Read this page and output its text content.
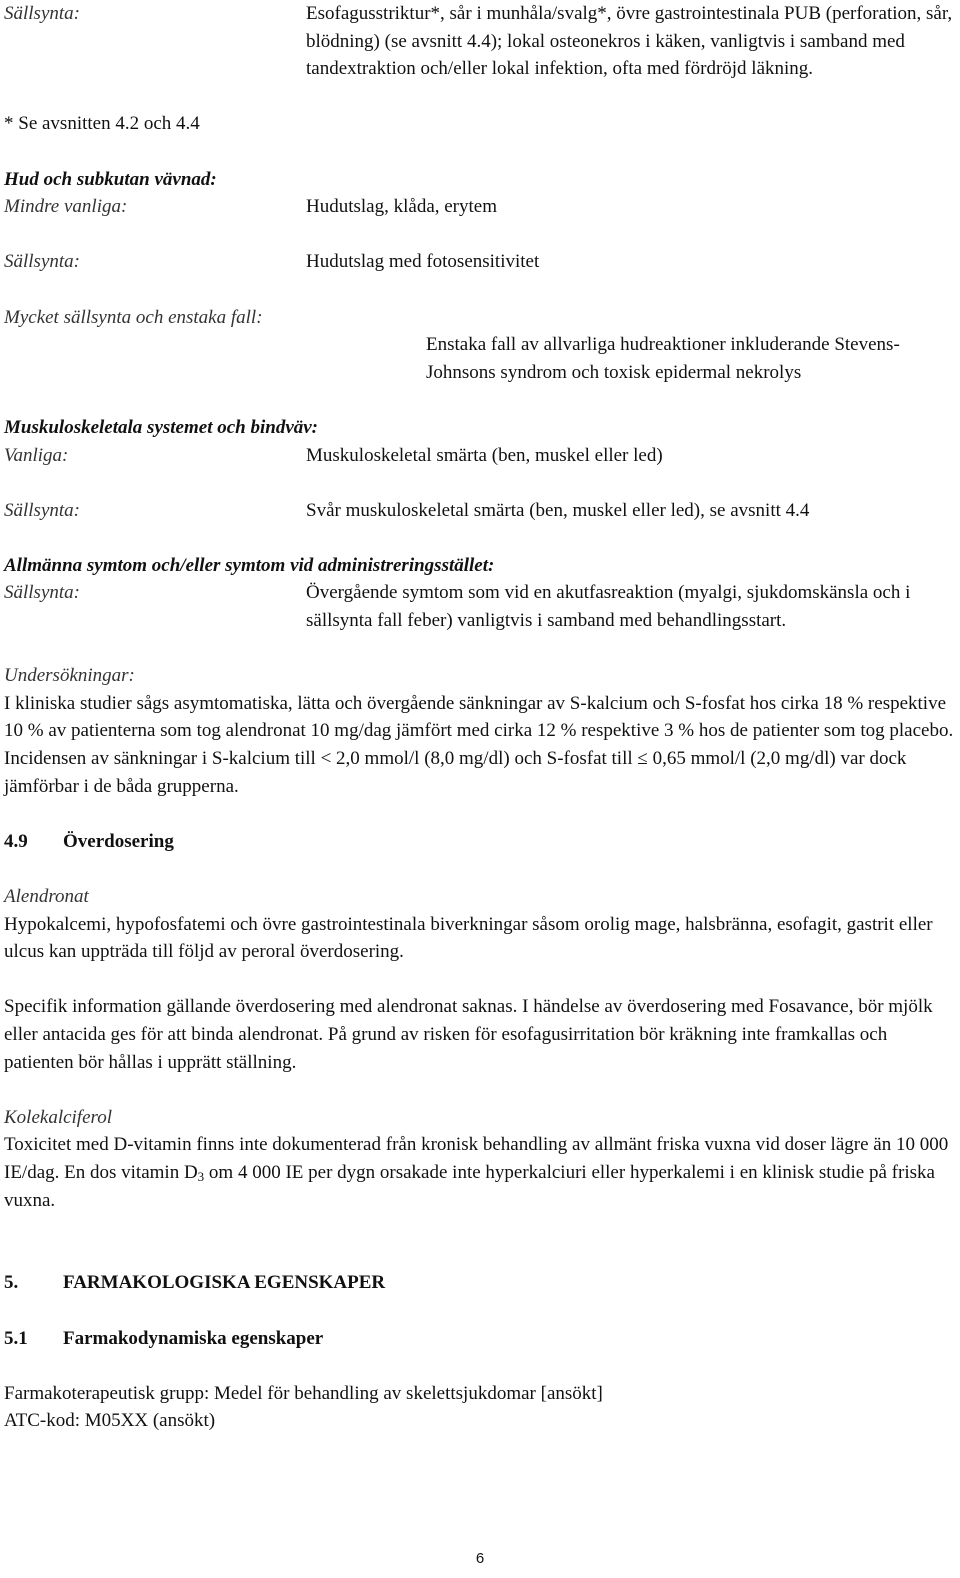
Sällsynta:	Esofagusstriktur*, sår i munhåla/svalg*, övre gastrointestinala PUB (perforation, sår, blödning) (se avsnitt 4.4); lokal osteonekros i käken, vanligtvis i samband med tandextraktion och/eller lokal infektion, ofta med fördröjd läkning.
* Se avsnitten 4.2 och 4.4
Hud och subkutan vävnad:
Mindre vanliga:	Hudutslag, klåda, erytem
Sällsynta:	Hudutslag med fotosensitivitet
Mycket sällsynta och enstaka fall:
Enstaka fall av allvarliga hudreaktioner inkluderande Stevens-Johnsons syndrom och toxisk epidermal nekrolys
Muskuloskeletala systemet och bindväv:
Vanliga:	Muskuloskeletal smärta (ben, muskel eller led)
Sällsynta:	Svår muskuloskeletal smärta (ben, muskel eller led), se avsnitt 4.4
Allmänna symtom och/eller symtom vid administreringsstället:
Sällsynta:	Övergående symtom som vid en akutfasreaktion (myalgi, sjukdomskänsla och i sällsynta fall feber) vanligtvis i samband med behandlingsstart.
Undersökningar:
I kliniska studier sågs asymtomatiska, lätta och övergående sänkningar av S-kalcium och S-fosfat hos cirka 18 % respektive 10 % av patienterna som tog alendronat 10 mg/dag jämfört med cirka 12 % respektive 3 % hos de patienter som tog placebo. Incidensen av sänkningar i S-kalcium till < 2,0 mmol/l (8,0 mg/dl) och S-fosfat till ≤ 0,65 mmol/l (2,0 mg/dl) var dock jämförbar i de båda grupperna.
4.9	Överdosering
Alendronat
Hypokalcemi, hypofosfatemi och övre gastrointestinala biverkningar såsom orolig mage, halsbränna, esofagit, gastrit eller ulcus kan uppträda till följd av peroral överdosering.
Specifik information gällande överdosering med alendronat saknas. I händelse av överdosering med Fosavance, bör mjölk eller antacida ges för att binda alendronat. På grund av risken för esofagusirritation bör kräkning inte framkallas och patienten bör hållas i upprätt ställning.
Kolekalciferol
Toxicitet med D-vitamin finns inte dokumenterad från kronisk behandling av allmänt friska vuxna vid doser lägre än 10 000 IE/dag. En dos vitamin $D_3$ om 4 000 IE per dygn orsakade inte hyperkalciuri eller hyperkalemi i en klinisk studie på friska vuxna.
5.	FARMAKOLOGISKA EGENSKAPER
5.1	Farmakodynamiska egenskaper
Farmakoterapeutisk grupp: Medel för behandling av skelettsjukdomar [ansökt]
ATC-kod: M05XX (ansökt)
6
